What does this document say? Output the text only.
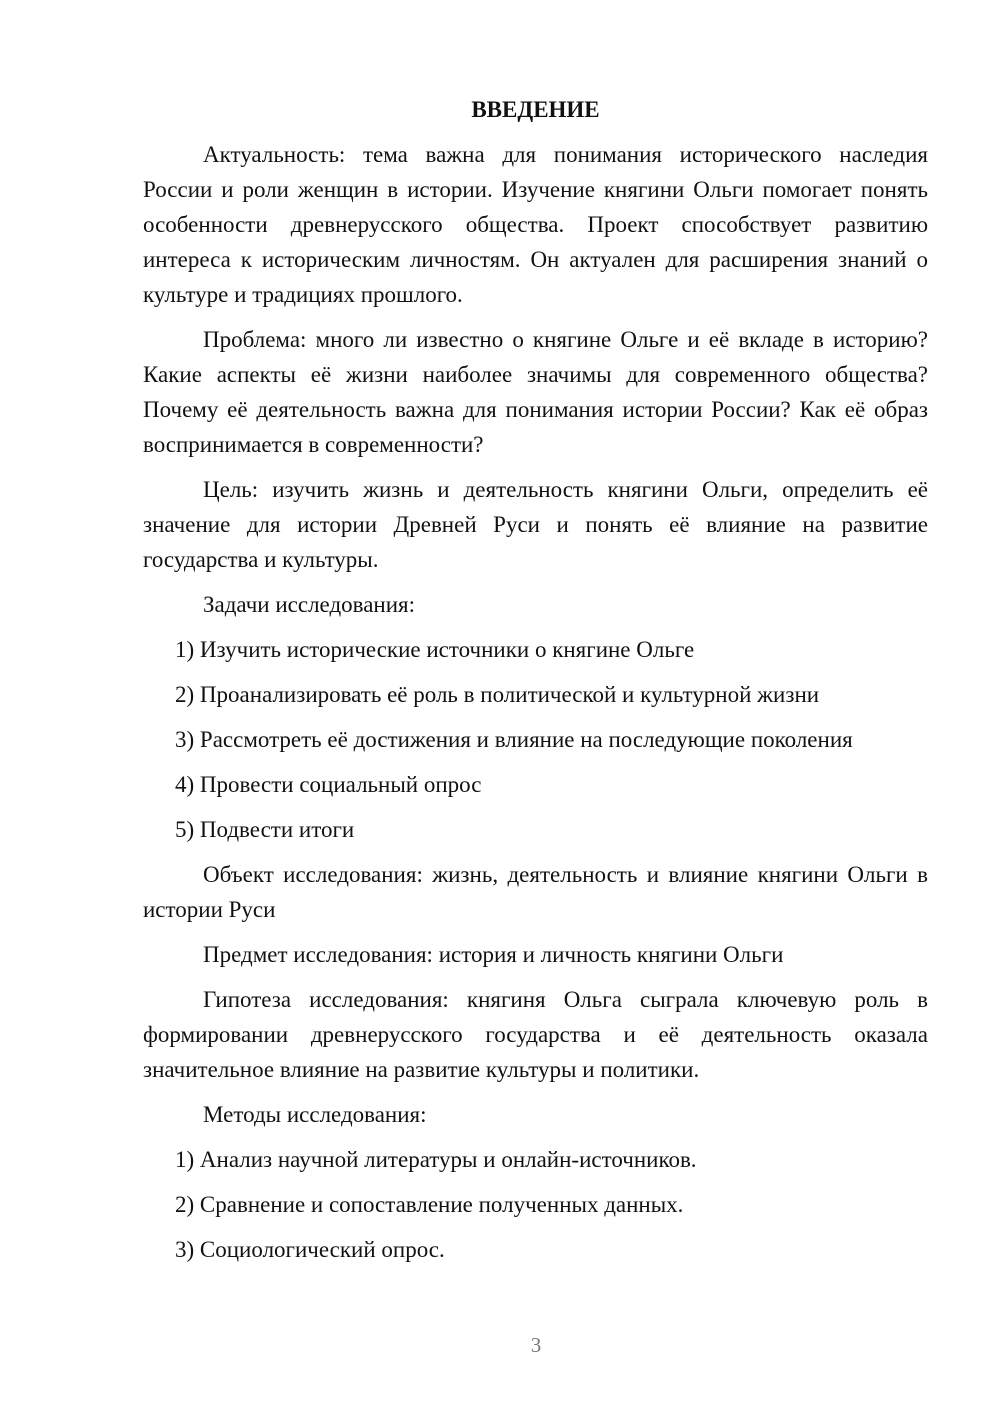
ВВЕДЕНИЕ

Актуальность: тема важна для понимания исторического наследия России и роли женщин в истории. Изучение княгини Ольги помогает понять особенности древнерусского общества. Проект способствует развитию интереса к историческим личностям. Он актуален для расширения знаний о культуре и традициях прошлого.

Проблема: много ли известно о княгине Ольге и её вкладе в историю? Какие аспекты её жизни наиболее значимы для современного общества? Почему её деятельность важна для понимания истории России? Как её образ воспринимается в современности?

Цель: изучить жизнь и деятельность княгини Ольги, определить её значение для истории Древней Руси и понять её влияние на развитие государства и культуры.

Задачи исследования:

1) Изучить исторические источники о княгине Ольге
2) Проанализировать её роль в политической и культурной жизни
3) Рассмотреть её достижения и влияние на последующие поколения
4) Провести социальный опрос
5) Подвести итоги

Объект исследования: жизнь, деятельность и влияние княгини Ольги в истории Руси

Предмет исследования: история и личность княгини Ольги

Гипотеза исследования: княгиня Ольга сыграла ключевую роль в формировании древнерусского государства и её деятельность оказала значительное влияние на развитие культуры и политики.

Методы исследования:

1) Анализ научной литературы и онлайн-источников.
2) Сравнение и сопоставление полученных данных.
3) Социологический опрос.
3
